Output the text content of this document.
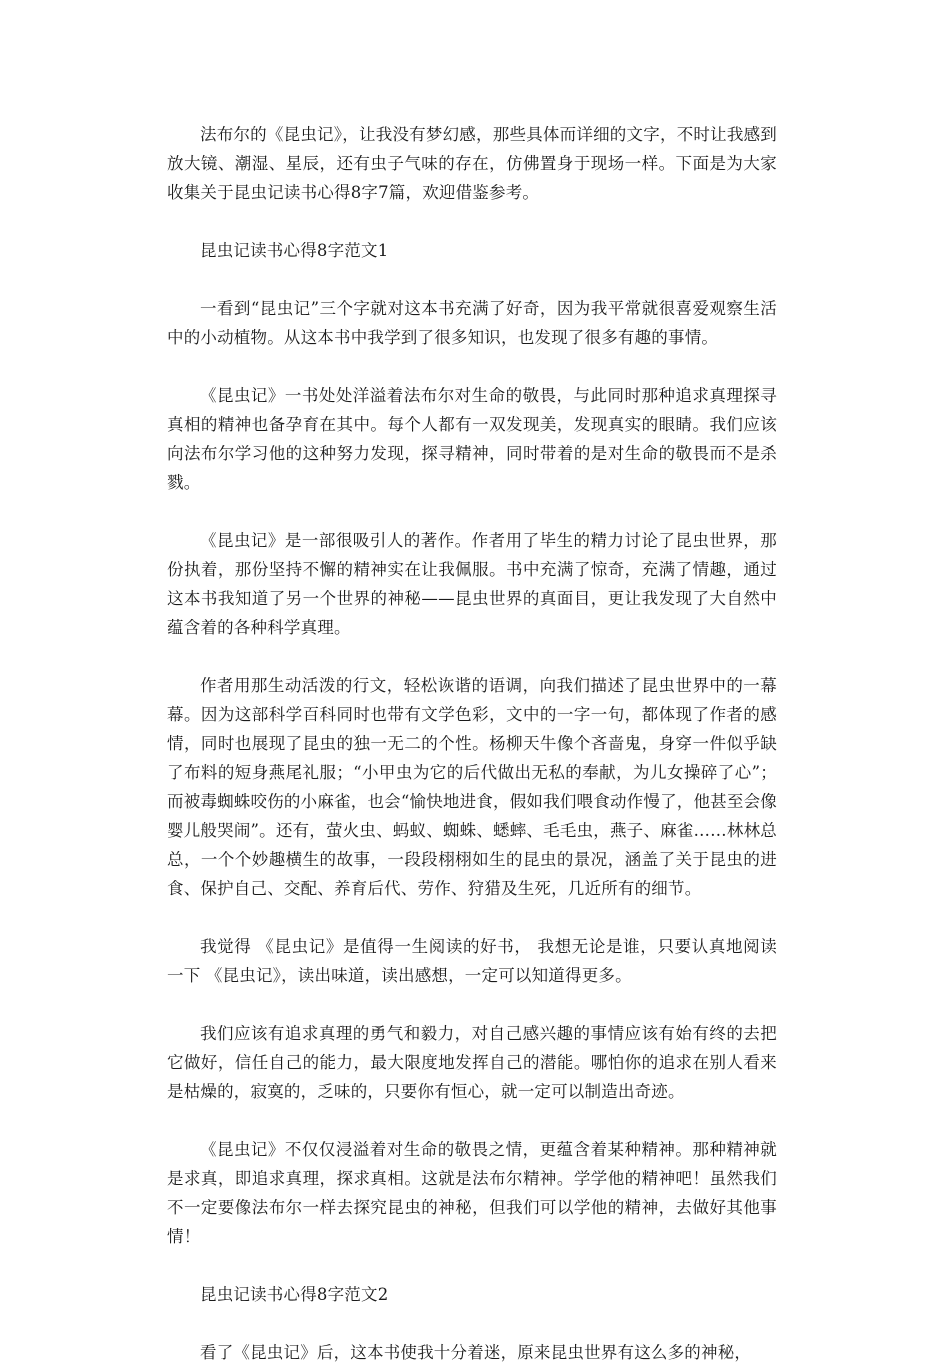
法布尔的《昆虫记》，让我没有梦幻感，那些具体而详细的文字，不时让我感到放大镜、潮湿、星辰，还有虫子气味的存在，仿佛置身于现场一样。下面是为大家收集关于昆虫记读书心得8字7篇，欢迎借鉴参考。

昆虫记读书心得8字范文1

一看到“昆虫记”三个字就对这本书充满了好奇，因为我平常就很喜爱观察生活中的小动植物。从这本书中我学到了很多知识，也发现了很多有趣的事情。

《昆虫记》一书处处洋溢着法布尔对生命的敬畏，与此同时那种追求真理探寻真相的精神也备孕育在其中。每个人都有一双发现美，发现真实的眼睛。我们应该向法布尔学习他的这种努力发现，探寻精神，同时带着的是对生命的敬畏而不是杀戮。

《昆虫记》是一部很吸引人的著作。作者用了毕生的精力讨论了昆虫世界，那份执着，那份坚持不懈的精神实在让我佩服。书中充满了惊奇，充满了情趣，通过这本书我知道了另一个世界的神秘——昆虫世界的真面目，更让我发现了大自然中蕴含着的各种科学真理。

作者用那生动活泼的行文，轻松诙谐的语调，向我们描述了昆虫世界中的一幕幕。因为这部科学百科同时也带有文学色彩，文中的一字一句，都体现了作者的感情，同时也展现了昆虫的独一无二的个性。杨柳天牛像个吝啬鬼，身穿一件似乎缺了布料的短身燕尾礼服；“小甲虫为它的后代做出无私的奉献，为儿女操碎了心”；而被毒蜘蛛咬伤的小麻雀，也会“愉快地进食，假如我们喂食动作慢了，他甚至会像婴儿般哭闹”。还有，萤火虫、蚂蚁、蜘蛛、蟋蟀、毛毛虫，燕子、麻雀……林林总总，一个个妙趣横生的故事，一段段栩栩如生的昆虫的景况，涵盖了关于昆虫的进食、保护自己、交配、养育后代、劳作、狩猎及生死，几近所有的细节。

我觉得 《昆虫记》是值得一生阅读的好书， 我想无论是谁，只要认真地阅读一下 《昆虫记》，读出味道，读出感想，一定可以知道得更多。

我们应该有追求真理的勇气和毅力，对自己感兴趣的事情应该有始有终的去把它做好，信任自己的能力，最大限度地发挥自己的潜能。哪怕你的追求在别人看来是枯燥的，寂寞的，乏味的，只要你有恒心，就一定可以制造出奇迹。

《昆虫记》不仅仅浸溢着对生命的敬畏之情，更蕴含着某种精神。那种精神就是求真，即追求真理，探求真相。这就是法布尔精神。学学他的精神吧！虽然我们不一定要像法布尔一样去探究昆虫的神秘，但我们可以学他的精神，去做好其他事情！

昆虫记读书心得8字范文2

看了《昆虫记》后，这本书使我十分着迷，原来昆虫世界有这么多的神秘，
